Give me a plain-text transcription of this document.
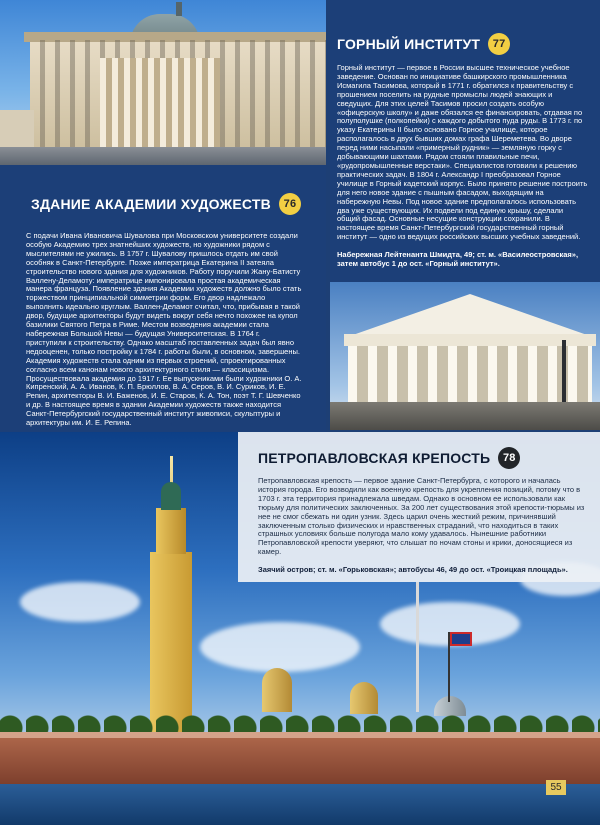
ЗДАНИЕ АКАДЕМИИ ХУДОЖЕСТВ	76

С подачи Ивана Ивановича Шувалова при Московском университете создали особую Академию трех знатнейших художеств, но художники рядом с мыслителями не ужились. В 1757 г. Шувалову пришлось отдать им свой особняк в Санкт-Петербурге. Позже императрица Екатерина II затеяла строительство нового здания для художников. Работу поручили Жану-Батисту Валлену-Деламоту: императрице импонировала простая академическая манера француза. Появление здания Академии художеств должно было стать торжеством принципиальной симметрии форм. Его двор надлежало выполнить идеально круглым. Валлен-Деламот считал, что, прибывая в такой двор, будущие архитекторы будут видеть вокруг себя нечто похожее на купол базилики Святого Петра в Риме. Местом возведения академии стала набережная Большой Невы — будущая Университетская. В 1764 г. приступили к строительству. Однако масштаб поставленных задач был явно недооценен, только постройку к 1784 г. работы были, в основном, завершены. Академия художеств стала одним из первых строений, спроектированных согласно всем канонам нового архитектурного стиля — классицизма. Просуществовала академия до 1917 г. Ее выпускниками были художники О. А. Кипренский, А. А. Иванов, К. П. Брюллов, В. А. Серов, В. И. Суриков, И. Е. Репин, архитекторы В. И. Баженов, И. Е. Старов, К. А. Тон, поэт Т. Г. Шевченко и др. В настоящее время в здании Академии художеств также находится Санкт-Петербургский государственный институт живописи, скульптуры и архитектуры им. И. Е. Репина.

ГОРНЫЙ ИНСТИТУТ	77

Горный институт — первое в России высшее техническое учебное заведение. Основан по инициативе башкирского промышленника Исмагила Тасимова, который в 1771 г. обратился к правительству с прошением поселить на рудные промыслы людей знающих и сведущих. Для этих целей Тасимов просил создать особую «офицерскую школу» и даже обязался ее финансировать, отдавая по полуполушке (полкопейки) с каждого добытого пуда руды. В 1773 г. по указу Екатерины II было основано Горное училище, которое располагалось в двух бывших домах графа Шереметева. Во дворе перед ними насыпали «примерный рудник» — земляную горку с добывающими шахтами. Рядом стояли плавильные печи, «рудопромышленные верстаки». Специалистов готовили к решению практических задач. В 1804 г. Александр I преобразовал Горное училище в Горный кадетский корпус. Было принято решение построить для него новое здание с пышным фасадом, выходящим на набережную Невы. Под новое здание предполагалось использовать два уже существующих. Их подвели под единую крышу, сделали общий фасад. Основные несущие конструкции сохранили. В настоящее время Санкт-Петербургский государственный горный институт — одно из ведущих российских высших учебных заведений.

Набережная Лейтенанта Шмидта, 49; ст. м. «Василеостровская», затем автобус 1 до ост. «Горный институт».

ПЕТРОПАВЛОВСКАЯ КРЕПОСТЬ	78

Петропавловская крепость — первое здание Санкт-Петербурга, с которого и началась история города. Его возводили как военную крепость для укрепления позиций, потому что в 1703 г. эта территория принадлежала шведам. Однако в основном ее использовали как тюрьму для политических заключенных. За 200 лет существования этой крепости-тюрьмы из нее не смог сбежать ни один узник. Здесь царил очень жесткий режим, причинявший заключенным столько физических и нравственных страданий, что находиться в таких страшных условиях больше полугода мало кому удавалось. Нынешние работники Петропавловской крепости уверяют, что слышат по ночам стоны и крики, доносящиеся из камер.

Заячий остров; ст. м. «Горьковская»; автобусы 46, 49 до ост. «Троицкая площадь».

55
